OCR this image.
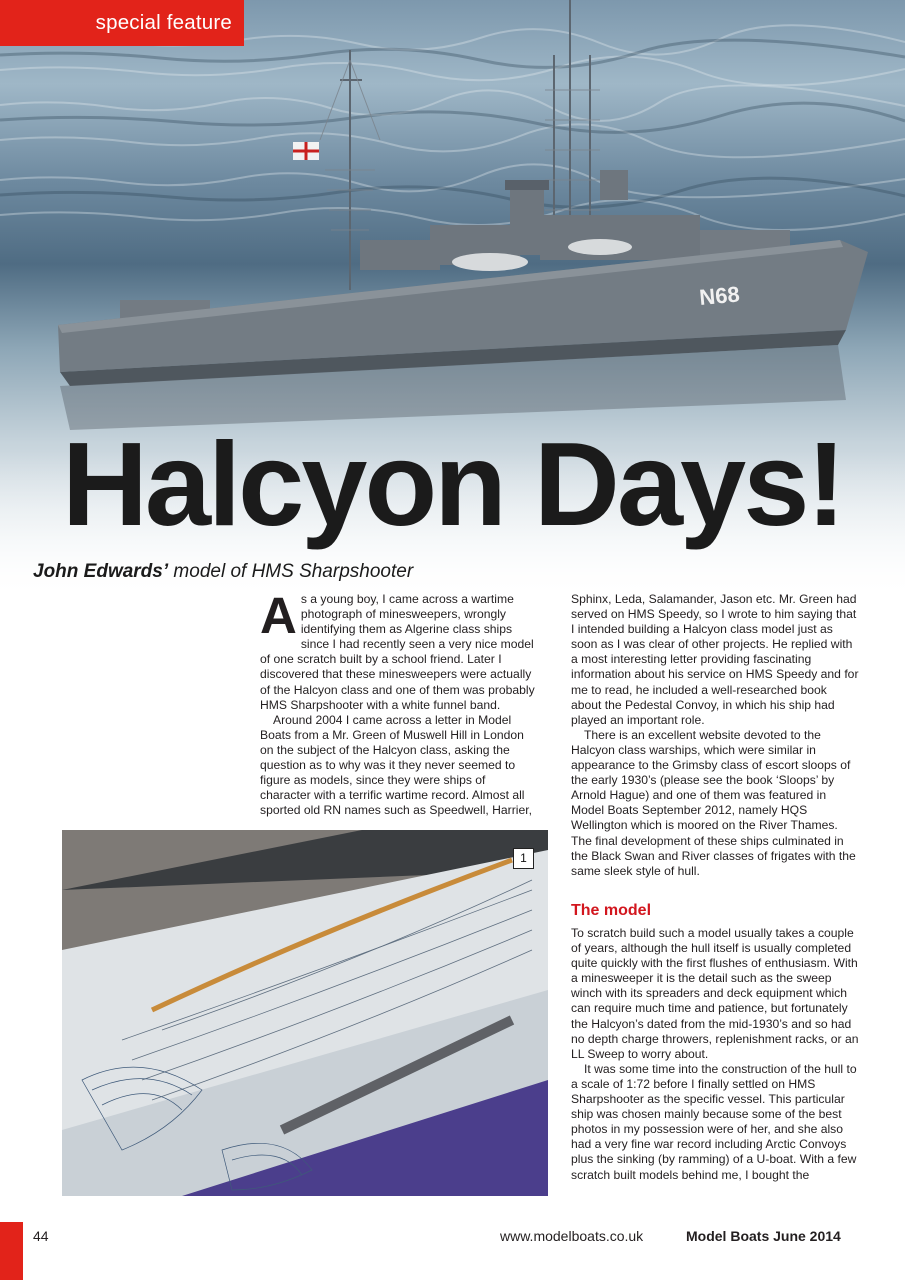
special feature
Halcyon Days!
John Edwards’ model of HMS Sharpshooter
A s a young boy, I came across a wartime photograph of minesweepers, wrongly identifying them as Algerine class ships since I had recently seen a very nice model of one scratch built by a school friend. Later I discovered that these minesweepers were actually of the Halcyon class and one of them was probably HMS Sharpshooter with a white funnel band.

Around 2004 I came across a letter in Model Boats from a Mr. Green of Muswell Hill in London on the subject of the Halcyon class, asking the question as to why was it they never seemed to figure as models, since they were ships of character with a terrific wartime record. Almost all sported old RN names such as Speedwell, Harrier,

Sphinx, Leda, Salamander, Jason etc. Mr. Green had served on HMS Speedy, so I wrote to him saying that I intended building a Halcyon class model just as soon as I was clear of other projects. He replied with a most interesting letter providing fascinating information about his service on HMS Speedy and for me to read, he included a well-researched book about the Pedestal Convoy, in which his ship had played an important role.

There is an excellent website devoted to the Halcyon class warships, which were similar in appearance to the Grimsby class of escort sloops of the early 1930’s (please see the book ‘Sloops’ by Arnold Hague) and one of them was featured in Model Boats September 2012, namely HQS Wellington which is moored on the River Thames. The final development of these ships culminated in the Black Swan and River classes of frigates with the same sleek style of hull.

The model

To scratch build such a model usually takes a couple of years, although the hull itself is usually completed quite quickly with the first flushes of enthusiasm. With a minesweeper it is the detail such as the sweep winch with its spreaders and deck equipment which can require much time and patience, but fortunately the Halcyon’s dated from the mid-1930’s and so had no depth charge throwers, replenishment racks, or an LL Sweep to worry about.

It was some time into the construction of the hull to a scale of 1:72 before I finally settled on HMS Sharpshooter as the specific vessel. This particular ship was chosen mainly because some of the best photos in my possession were of her, and she also had a very fine war record including Arctic Convoys plus the sinking (by ramming) of a U-boat. With a few scratch built models behind me, I bought the

1
44	www.modelboats.co.uk	Model Boats June 2014
